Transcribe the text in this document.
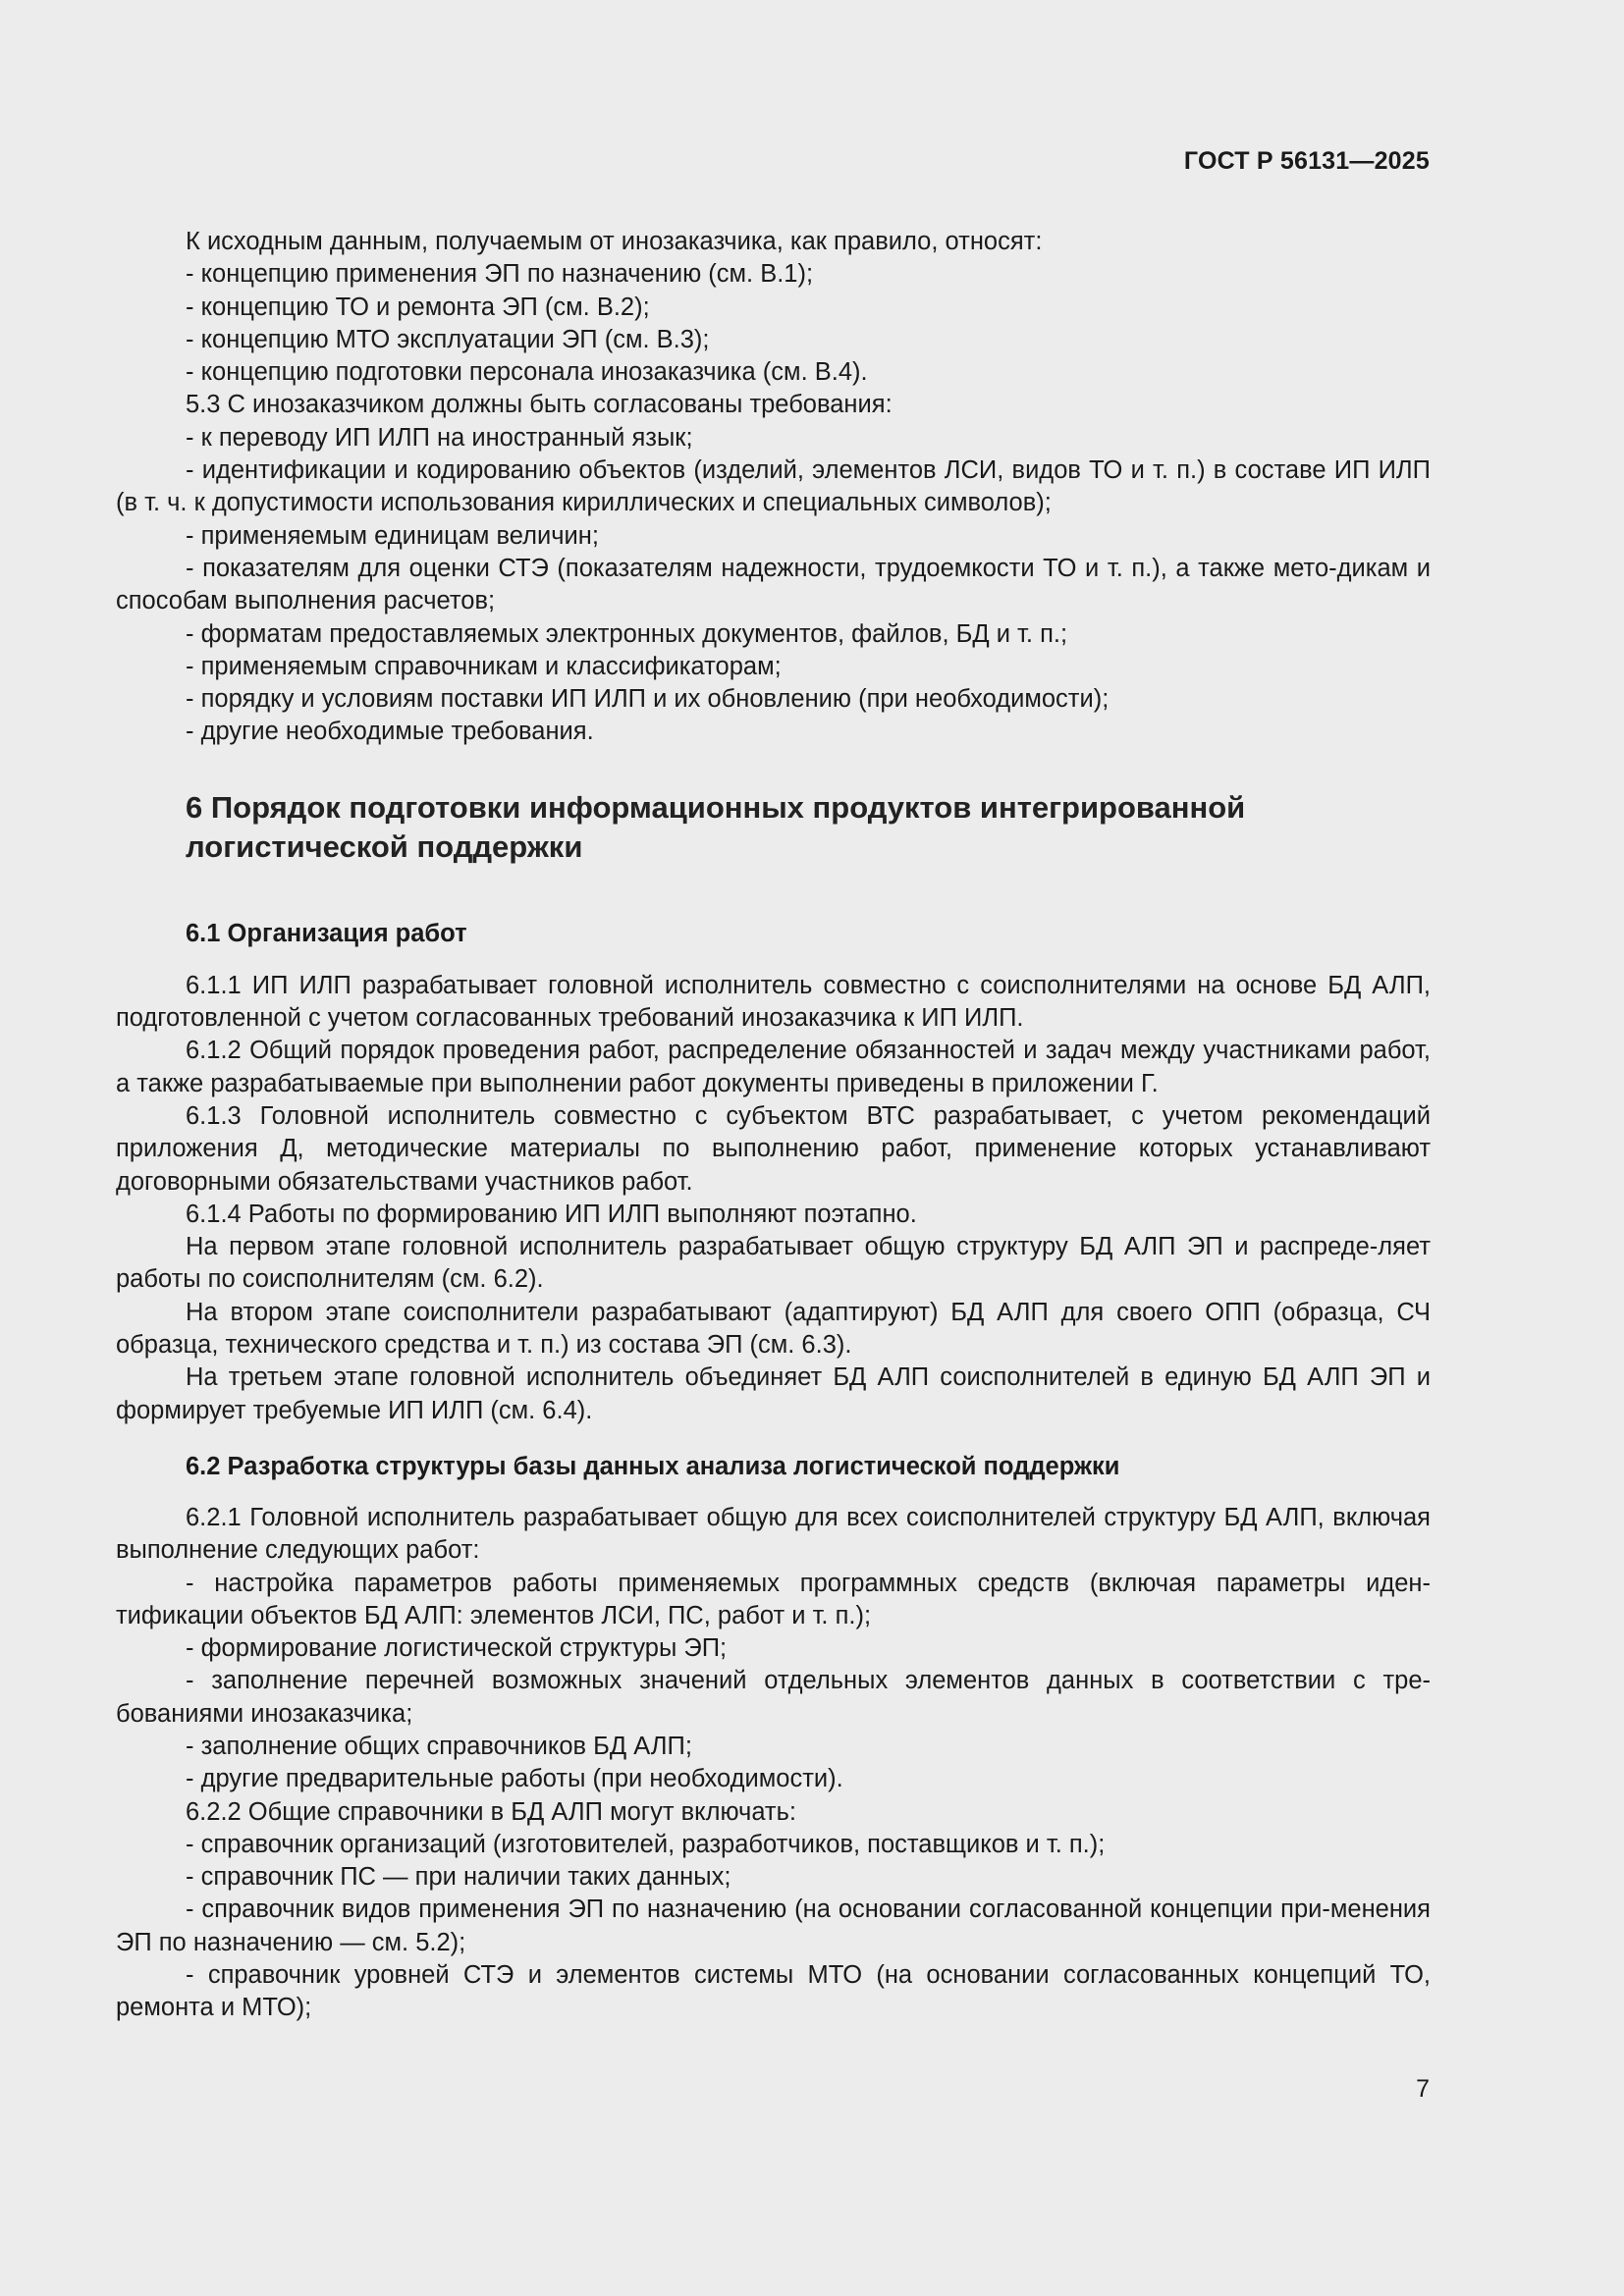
ГОСТ Р 56131—2025

К исходным данным, получаемым от инозаказчика, как правило, относят:

- концепцию применения ЭП по назначению (см. В.1);

- концепцию ТО и ремонта ЭП (см. В.2);

- концепцию МТО эксплуатации ЭП (см. В.3);

- концепцию подготовки персонала инозаказчика (см. В.4).

5.3 С инозаказчиком должны быть согласованы требования:

- к переводу ИП ИЛП на иностранный язык;

- идентификации и кодированию объектов (изделий, элементов ЛСИ, видов ТО и т. п.) в составе ИП ИЛП (в т. ч. к допустимости использования кириллических и специальных символов);

- применяемым единицам величин;

- показателям для оценки СТЭ (показателям надежности, трудоемкости ТО и т. п.), а также мето-дикам и способам выполнения расчетов;

- форматам предоставляемых электронных документов, файлов, БД и т. п.;

- применяемым справочникам и классификаторам;

- порядку и условиям поставки ИП ИЛП и их обновлению (при необходимости);

- другие необходимые требования.

6 Порядок подготовки информационных продуктов интегрированной логистической поддержки
6.1 Организация работ

6.1.1 ИП ИЛП разрабатывает головной исполнитель совместно с соисполнителями на основе БД АЛП, подготовленной с учетом согласованных требований инозаказчика к ИП ИЛП.

6.1.2 Общий порядок проведения работ, распределение обязанностей и задач между участниками работ, а также разрабатываемые при выполнении работ документы приведены в приложении Г.

6.1.3 Головной исполнитель совместно с субъектом ВТС разрабатывает, с учетом рекомендаций приложения Д, методические материалы по выполнению работ, применение которых устанавливают договорными обязательствами участников работ.

6.1.4 Работы по формированию ИП ИЛП выполняют поэтапно.

На первом этапе головной исполнитель разрабатывает общую структуру БД АЛП ЭП и распреде-ляет работы по соисполнителям (см. 6.2).

На втором этапе соисполнители разрабатывают (адаптируют) БД АЛП для своего ОПП (образца, СЧ образца, технического средства и т. п.) из состава ЭП (см. 6.3).

На третьем этапе головной исполнитель объединяет БД АЛП соисполнителей в единую БД АЛП ЭП и формирует требуемые ИП ИЛП (см. 6.4).

6.2 Разработка структуры базы данных анализа логистической поддержки

6.2.1 Головной исполнитель разрабатывает общую для всех соисполнителей структуру БД АЛП, включая выполнение следующих работ:

- настройка параметров работы применяемых программных средств (включая параметры иден-тификации объектов БД АЛП: элементов ЛСИ, ПС, работ и т. п.);

- формирование логистической структуры ЭП;

- заполнение перечней возможных значений отдельных элементов данных в соответствии с тре-бованиями инозаказчика;

- заполнение общих справочников БД АЛП;

- другие предварительные работы (при необходимости).

6.2.2 Общие справочники в БД АЛП могут включать:

- справочник организаций (изготовителей, разработчиков, поставщиков и т. п.);

- справочник ПС — при наличии таких данных;

- справочник видов применения ЭП по назначению (на основании согласованной концепции при-менения ЭП по назначению — см. 5.2);

- справочник уровней СТЭ и элементов системы МТО (на основании согласованных концепций ТО, ремонта и МТО);

7
